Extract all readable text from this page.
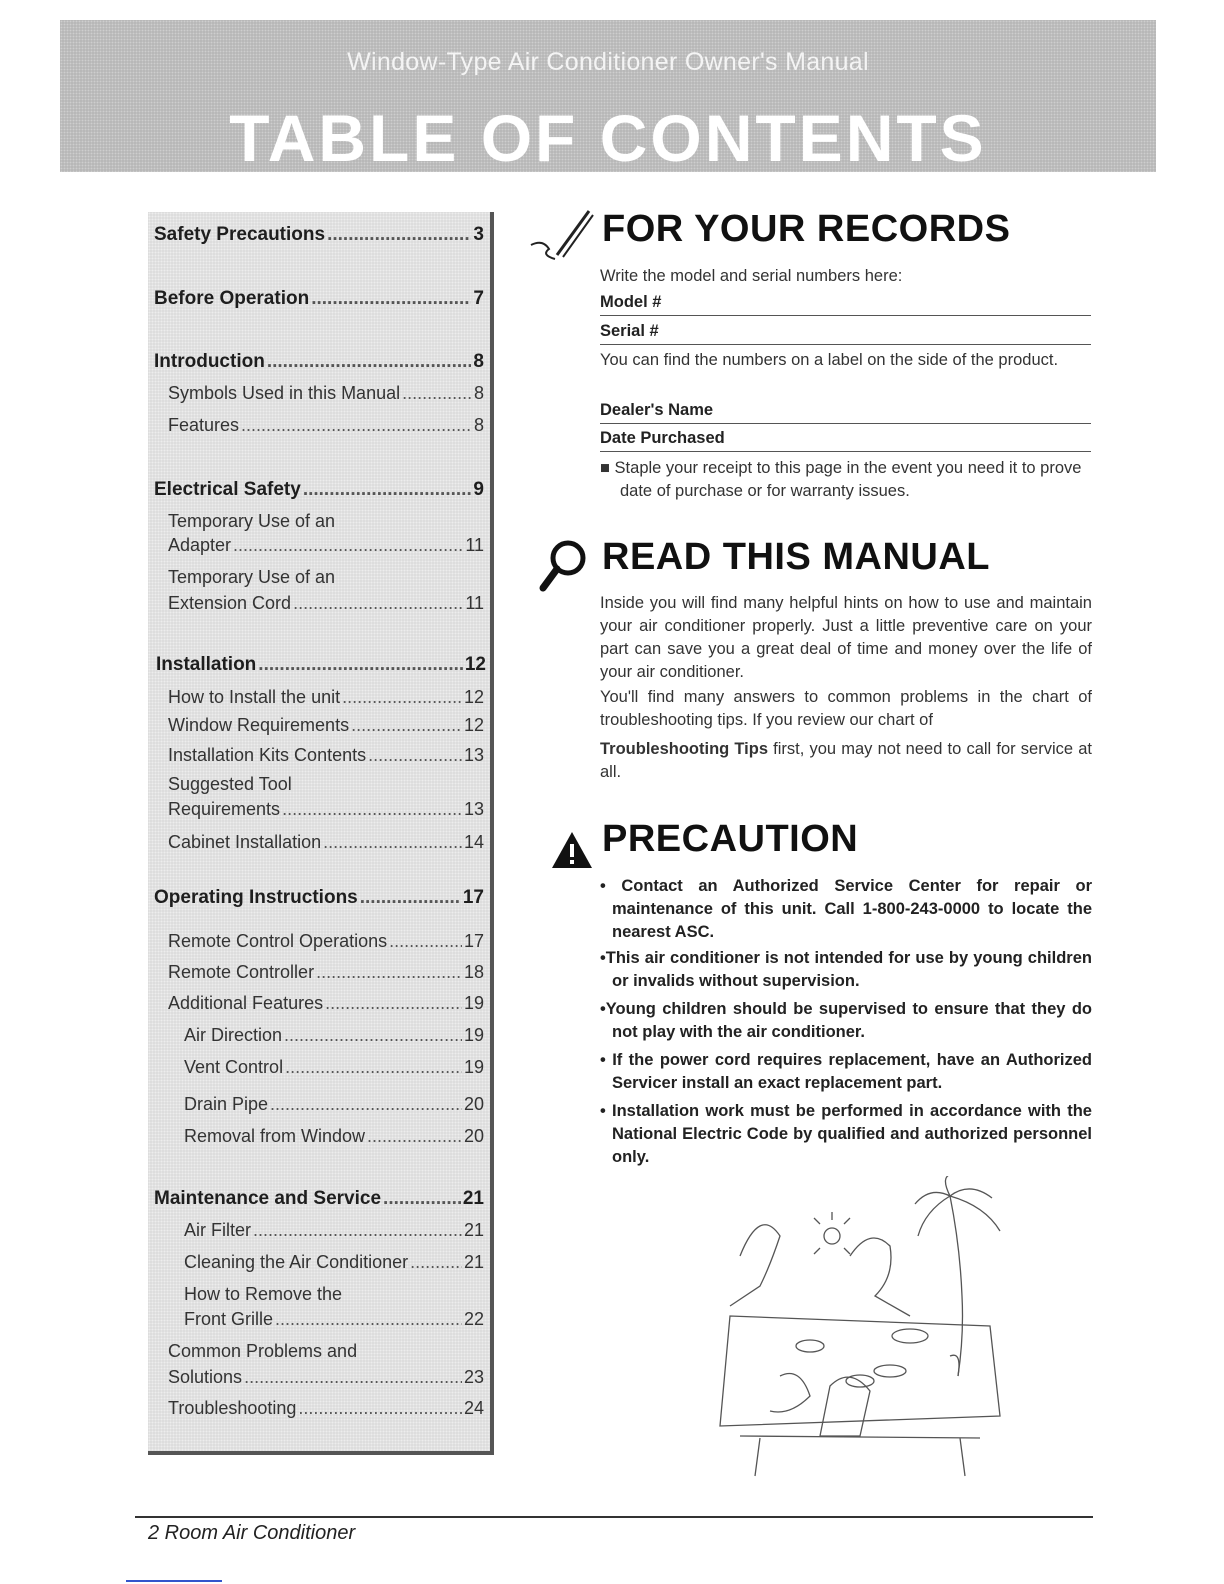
Window-Type Air Conditioner Owner's Manual
TABLE OF CONTENTS
Safety Precautions .....	3
Before Operation .....	7
Introduction .....	8
Symbols Used in this Manual .....	8
Features .....	8
Electrical Safety .....	9
Temporary Use of an
Adapter .....	11
Temporary Use of an
Extension Cord .....	11
Installation .....	12
How to Install the unit .....	12
Window Requirements .....	12
Installation Kits Contents .....	13
Suggested Tool
Requirements .....	13
Cabinet Installation .....	14
Operating Instructions .....	17
Remote Control Operations .....	17
Remote Controller .....	18
Additional Features .....	19
Air Direction .....	19
Vent Control .....	19
Drain Pipe .....	20
Removal from Window .....	20
Maintenance and Service .....	21
Air Filter .....	21
Cleaning the Air Conditioner .....	21
How to Remove the
Front Grille .....	22
Common Problems and
Solutions .....	23
Troubleshooting .....	24
FOR YOUR RECORDS
Write the model and serial numbers here:
Model #
Serial #
You can find the numbers on a label on the side of the product.
Dealer's Name
Date Purchased
■ Staple your receipt to this page in the event you need it to prove date of purchase or for warranty issues.
READ THIS MANUAL
Inside you will find many helpful hints on how to use and maintain your air conditioner properly. Just a little preventive care on your part can save you a great deal of time and money over the life of your air conditioner.
You'll find many answers to common problems in the chart of troubleshooting tips. If you review our chart of
Troubleshooting Tips first, you may not need to call for service at all.
PRECAUTION
• Contact an Authorized Service Center for repair or maintenance of this unit. Call 1-800-243-0000 to locate the nearest ASC.
•This air conditioner is not intended for use by young children or invalids without supervision.
•Young children should be supervised to ensure that they do not play with the air conditioner.
• If the power cord requires replacement, have an Authorized Servicer install an exact replacement part.
• Installation work must be performed in accordance with the National Electric Code by qualified and authorized personnel only.
2 Room Air Conditioner
